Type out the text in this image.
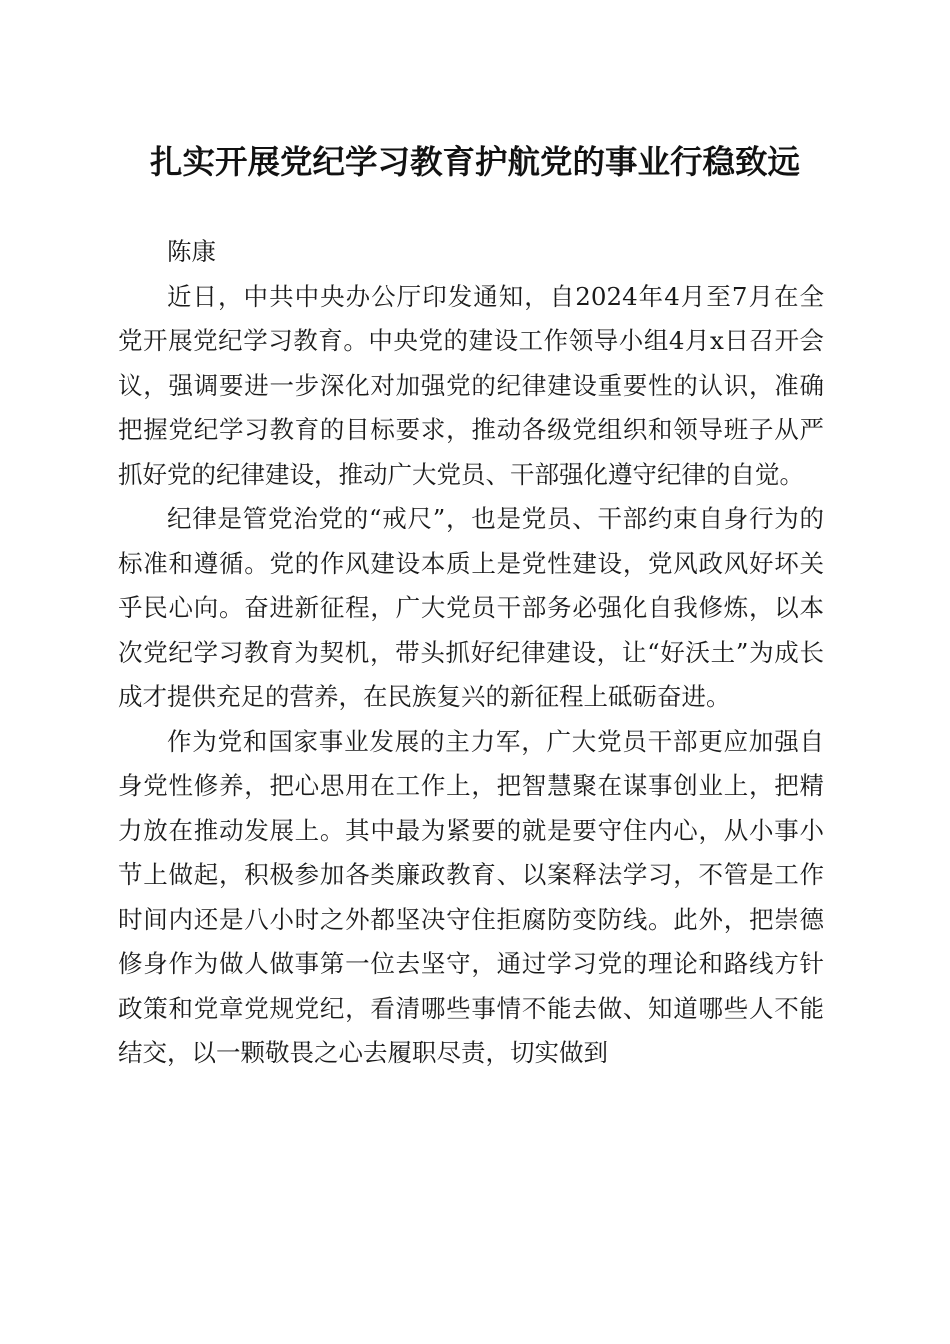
扎实开展党纪学习教育护航党的事业行稳致远
陈康

近日，中共中央办公厅印发通知，自2024年4月至7月在全党开展党纪学习教育。中央党的建设工作领导小组4月x日召开会议，强调要进一步深化对加强党的纪律建设重要性的认识，准确把握党纪学习教育的目标要求，推动各级党组织和领导班子从严抓好党的纪律建设，推动广大党员、干部强化遵守纪律的自觉。

纪律是管党治党的“戒尺”，也是党员、干部约束自身行为的标准和遵循。党的作风建设本质上是党性建设，党风政风好坏关乎民心向。奋进新征程，广大党员干部务必强化自我修炼，以本次党纪学习教育为契机，带头抓好纪律建设，让“好沃土”为成长成才提供充足的营养，在民族复兴的新征程上砥砺奋进。

作为党和国家事业发展的主力军，广大党员干部更应加强自身党性修养，把心思用在工作上，把智慧聚在谋事创业上，把精力放在推动发展上。其中最为紧要的就是要守住内心，从小事小节上做起，积极参加各类廉政教育、以案释法学习，不管是工作时间内还是八小时之外都坚决守住拒腐防变防线。此外，把崇德修身作为做人做事第一位去坚守，通过学习党的理论和路线方针政策和党章党规党纪，看清哪些事情不能去做、知道哪些人不能结交，以一颗敬畏之心去履职尽责，切实做到
